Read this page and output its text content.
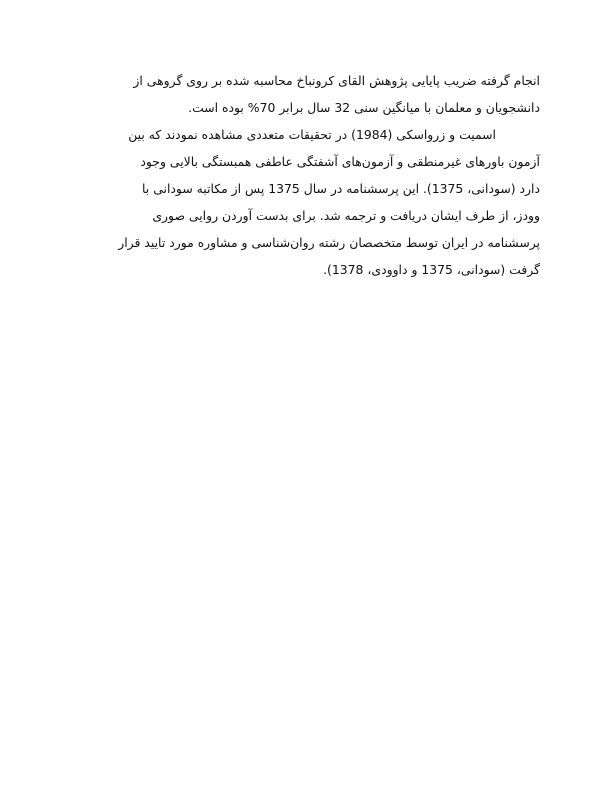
انجام گرفته ضریب پایایی پژوهش القای کرونباخ محاسبه شده بر روی گروهی از
دانشجویان و معلمان با میانگین سنی 32 سال برابر 70% بوده است.
اسمیت و زرواسکی (1984) در تحقیقات متعددی مشاهده نمودند که بین
آزمون باورهای غیرمنطقی و آزمون‌های آشفتگی عاطفی همبستگی بالایی وجود
دارد (سودانی، 1375). این پرسشنامه در سال 1375 پس از مکاتبه سودانی با
وودز، از طرف ایشان دریافت و ترجمه شد. برای بدست آوردن روایی صوری
پرسشنامه در ایران توسط متخصصان رشته روان‌شناسی و مشاوره مورد تایید قرار
گرفت (سودانی، 1375 و داوودی، 1378).
